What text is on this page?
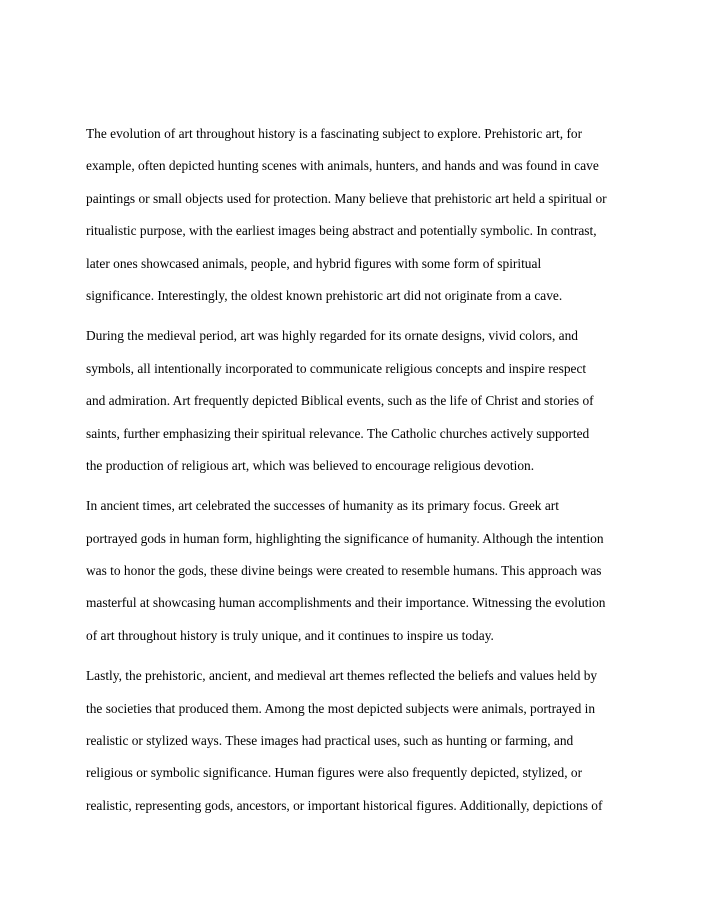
The evolution of art throughout history is a fascinating subject to explore. Prehistoric art, for
example, often depicted hunting scenes with animals, hunters, and hands and was found in cave
paintings or small objects used for protection. Many believe that prehistoric art held a spiritual or
ritualistic purpose, with the earliest images being abstract and potentially symbolic. In contrast,
later ones showcased animals, people, and hybrid figures with some form of spiritual
significance. Interestingly, the oldest known prehistoric art did not originate from a cave.
During the medieval period, art was highly regarded for its ornate designs, vivid colors, and
symbols, all intentionally incorporated to communicate religious concepts and inspire respect
and admiration. Art frequently depicted Biblical events, such as the life of Christ and stories of
saints, further emphasizing their spiritual relevance. The Catholic churches actively supported
the production of religious art, which was believed to encourage religious devotion.
In ancient times, art celebrated the successes of humanity as its primary focus. Greek art
portrayed gods in human form, highlighting the significance of humanity. Although the intention
was to honor the gods, these divine beings were created to resemble humans. This approach was
masterful at showcasing human accomplishments and their importance. Witnessing the evolution
of art throughout history is truly unique, and it continues to inspire us today.
Lastly, the prehistoric, ancient, and medieval art themes reflected the beliefs and values held by
the societies that produced them. Among the most depicted subjects were animals, portrayed in
realistic or stylized ways. These images had practical uses, such as hunting or farming, and
religious or symbolic significance. Human figures were also frequently depicted, stylized, or
realistic, representing gods, ancestors, or important historical figures. Additionally, depictions of
